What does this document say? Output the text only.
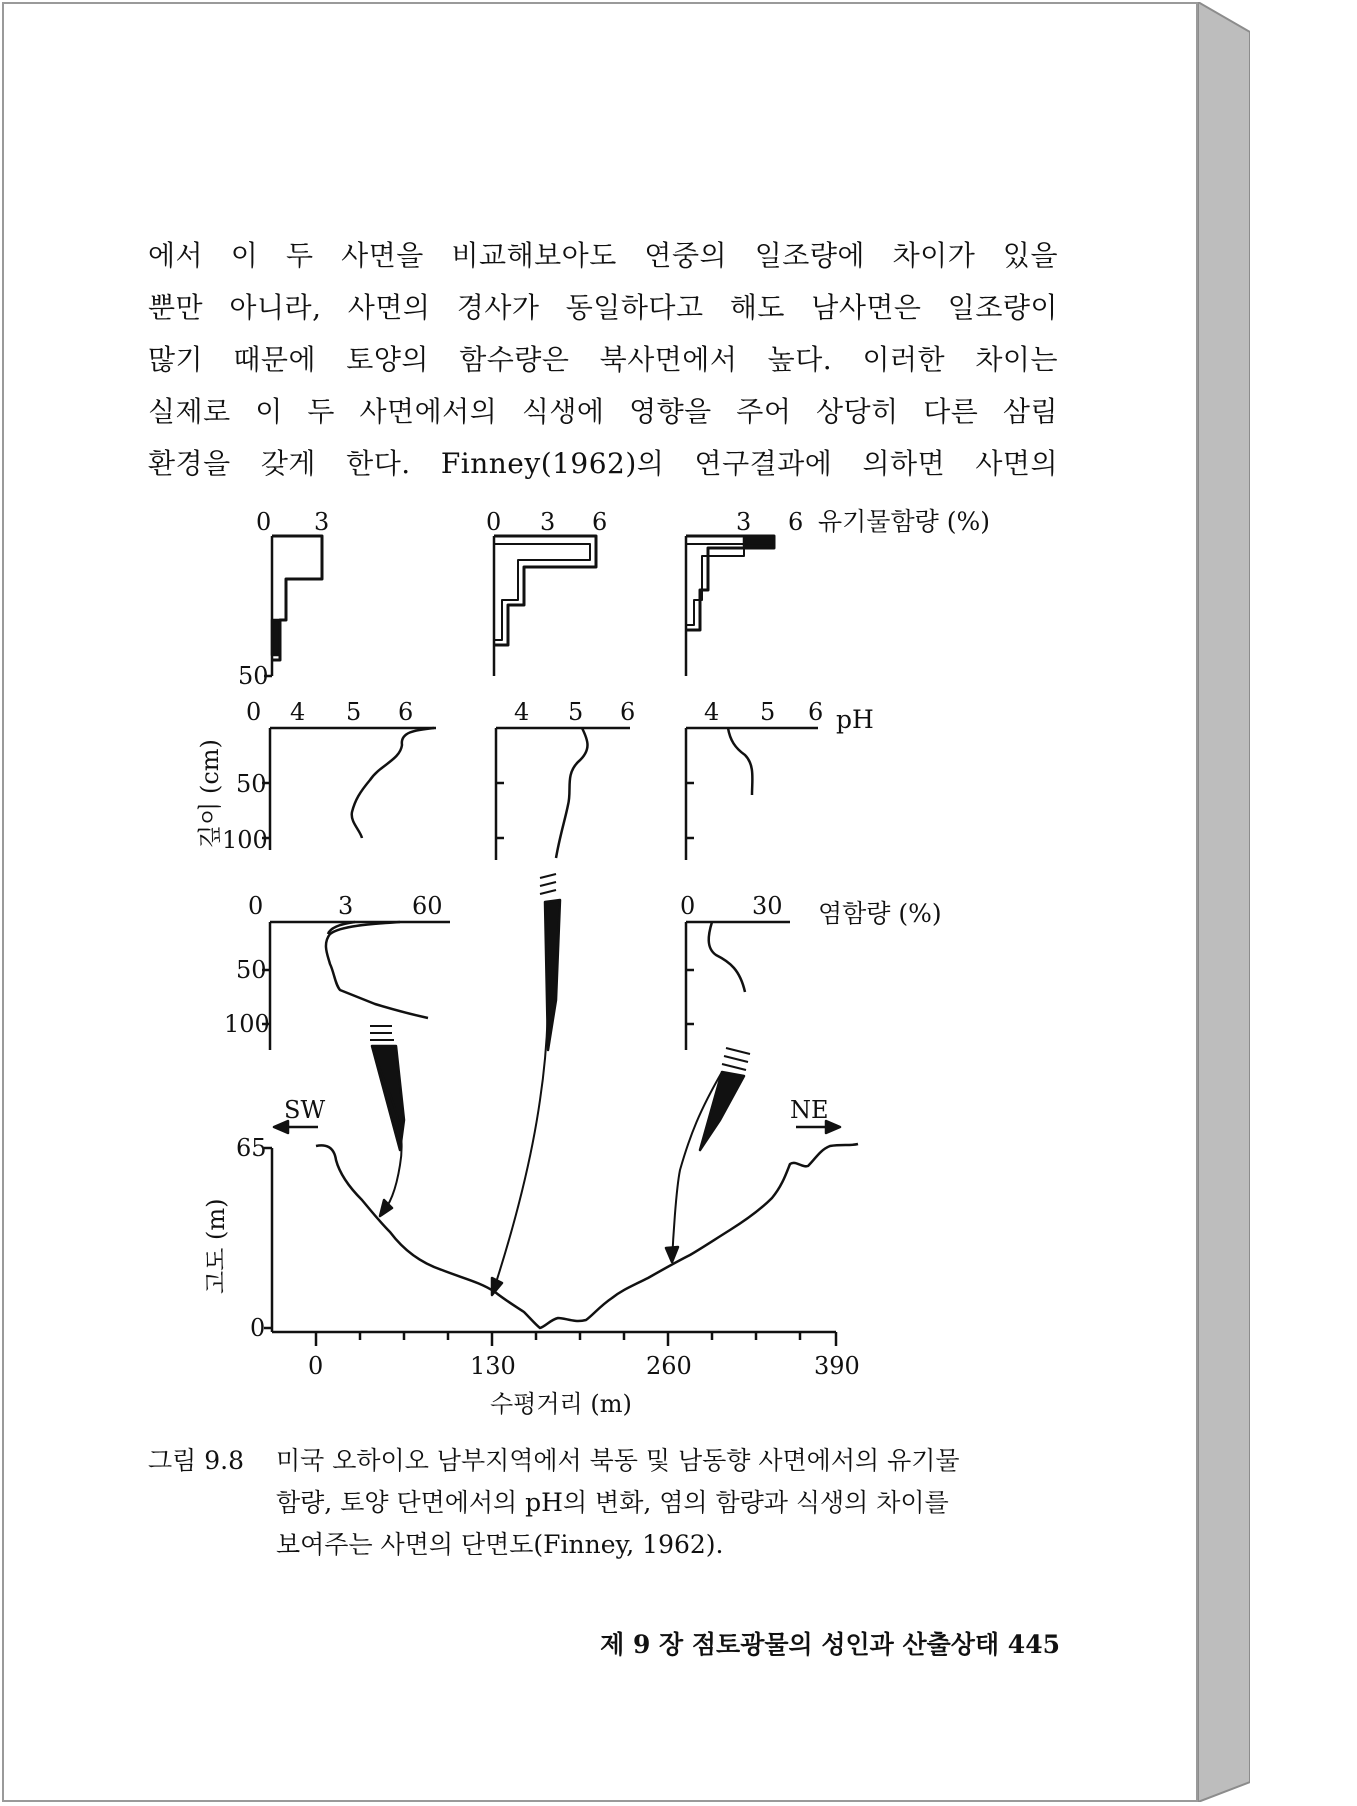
에서 이 두 사면을 비교해보아도 연중의 일조량에 차이가 있을
뿐만 아니라, 사면의 경사가 동일하다고 해도 남사면은 일조량이
많기 때문에 토양의 함수량은 북사면에서 높다. 이러한 차이는
실제로 이 두 사면에서의 식생에 영향을 주어 상당히 다른 삼림
환경을 갖게 한다. Finney(1962)의 연구결과에 의하면 사면의
0 3
50
0 3 6	3 6 유기물함량 (%)
0 4 5 6
50
100
깊이 (cm)
4 5 6	4 5 6 pH
0	3 60
50
100
0 30 염함량 (%)
SW	NE
65
0
0	130	260	390
수평거리 (m)
고도 (m)
그림 9.8 미국 오하이오 남부지역에서 북동 및 남동향 사면에서의 유기물
함량, 토양 단면에서의 pH의 변화, 염의 함량과 식생의 차이를
보여주는 사면의 단면도(Finney, 1962).
제 9 장 점토광물의 성인과 산출상태 445
